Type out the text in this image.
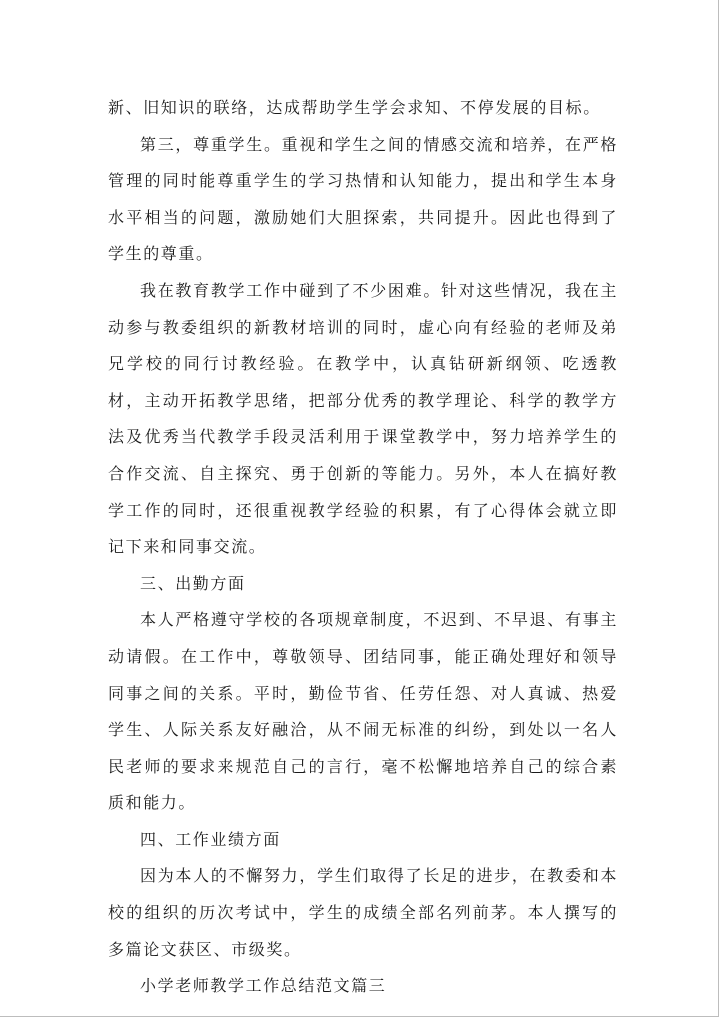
新、旧知识的联络，达成帮助学生学会求知、不停发展的目标。

第三，尊重学生。重视和学生之间的情感交流和培养，在严格管理的同时能尊重学生的学习热情和认知能力，提出和学生本身水平相当的问题，激励她们大胆探索，共同提升。因此也得到了学生的尊重。

我在教育教学工作中碰到了不少困难。针对这些情况，我在主动参与教委组织的新教材培训的同时，虚心向有经验的老师及弟兄学校的同行讨教经验。在教学中，认真钻研新纲领、吃透教材，主动开拓教学思绪，把部分优秀的教学理论、科学的教学方法及优秀当代教学手段灵活利用于课堂教学中，努力培养学生的合作交流、自主探究、勇于创新的等能力。另外，本人在搞好教学工作的同时，还很重视教学经验的积累，有了心得体会就立即记下来和同事交流。

三、出勤方面

本人严格遵守学校的各项规章制度，不迟到、不早退、有事主动请假。在工作中，尊敬领导、团结同事，能正确处理好和领导同事之间的关系。平时，勤俭节省、任劳任怨、对人真诚、热爱学生、人际关系友好融洽，从不闹无标准的纠纷，到处以一名人民老师的要求来规范自己的言行，毫不松懈地培养自己的综合素质和能力。

四、工作业绩方面

因为本人的不懈努力，学生们取得了长足的进步，在教委和本校的组织的历次考试中，学生的成绩全部名列前茅。本人撰写的多篇论文获区、市级奖。

小学老师教学工作总结范文篇三
